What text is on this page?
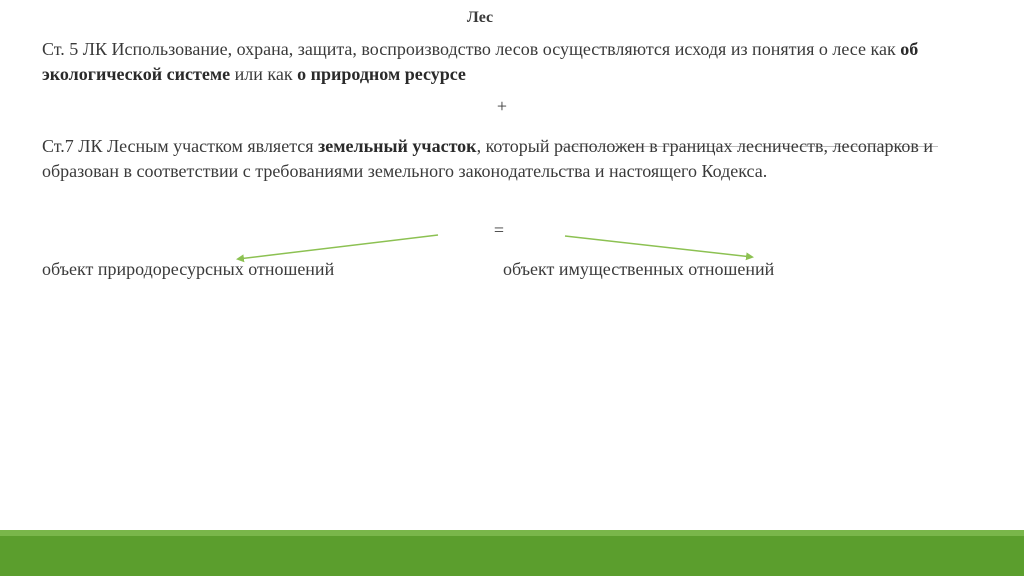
Лес
Ст. 5 ЛК Использование, охрана, защита, воспроизводство лесов осуществляются исходя из понятия о лесе как об экологической системе или как о природном ресурсе
+
Ст.7 ЛК Лесным участком является земельный участок, который расположен в границах лесничеств, лесопарков и образован в соответствии с требованиями земельного законодательства и настоящего Кодекса.
=
объект природоресурсных отношений	объект имущественных отношений
